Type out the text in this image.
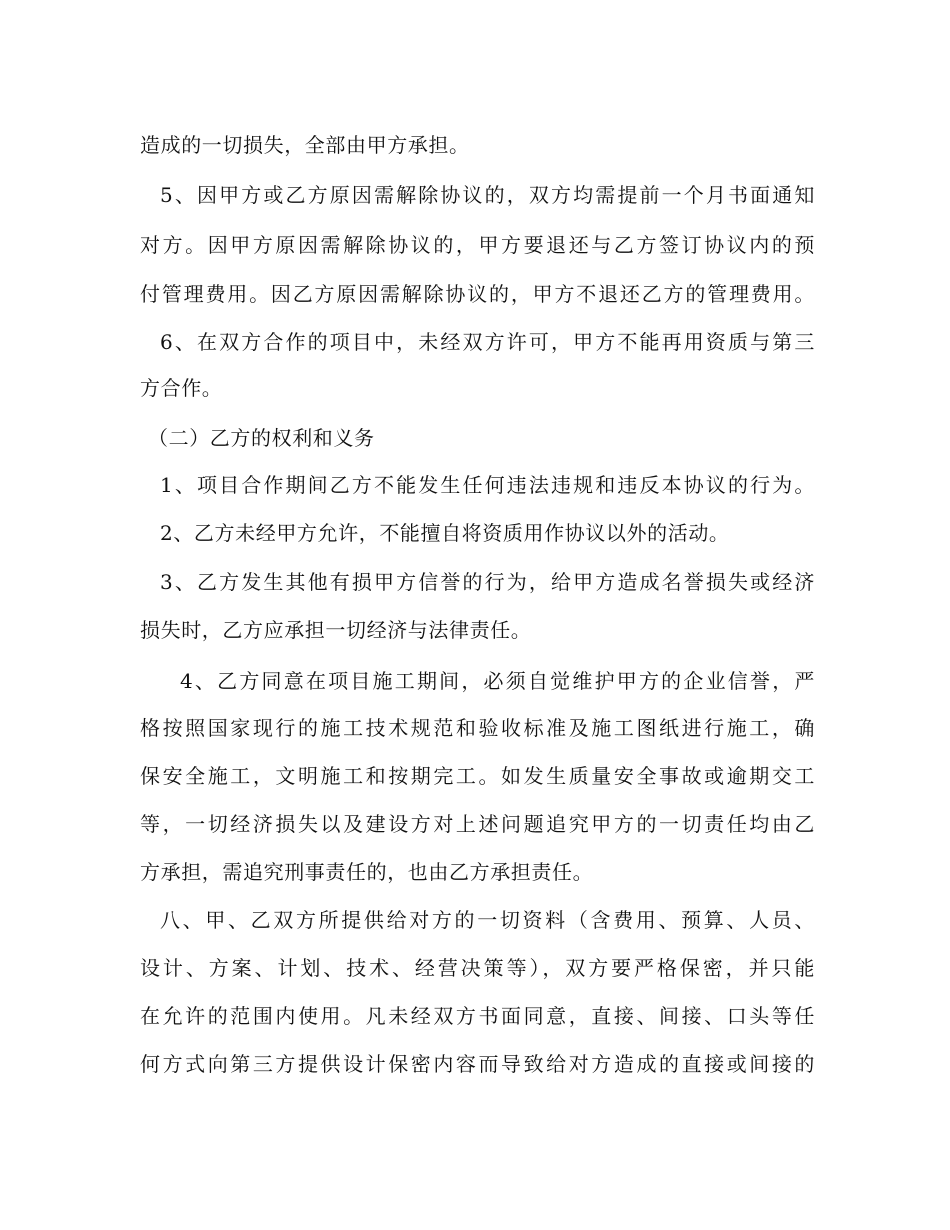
造成的一切损失，全部由甲方承担。
5、因甲方或乙方原因需解除协议的，双方均需提前一个月书面通知
对方。因甲方原因需解除协议的，甲方要退还与乙方签订协议内的预
付管理费用。因乙方原因需解除协议的，甲方不退还乙方的管理费用。
6、在双方合作的项目中，未经双方许可，甲方不能再用资质与第三
方合作。
（二）乙方的权利和义务
1、项目合作期间乙方不能发生任何违法违规和违反本协议的行为。
2、乙方未经甲方允许，不能擅自将资质用作协议以外的活动。
3、乙方发生其他有损甲方信誉的行为，给甲方造成名誉损失或经济
损失时，乙方应承担一切经济与法律责任。
4、乙方同意在项目施工期间，必须自觉维护甲方的企业信誉，严
格按照国家现行的施工技术规范和验收标准及施工图纸进行施工，确
保安全施工，文明施工和按期完工。如发生质量安全事故或逾期交工
等，一切经济损失以及建设方对上述问题追究甲方的一切责任均由乙
方承担，需追究刑事责任的，也由乙方承担责任。
八、甲、乙双方所提供给对方的一切资料（含费用、预算、人员、
设计、方案、计划、技术、经营决策等），双方要严格保密，并只能
在允许的范围内使用。凡未经双方书面同意，直接、间接、口头等任
何方式向第三方提供设计保密内容而导致给对方造成的直接或间接的
